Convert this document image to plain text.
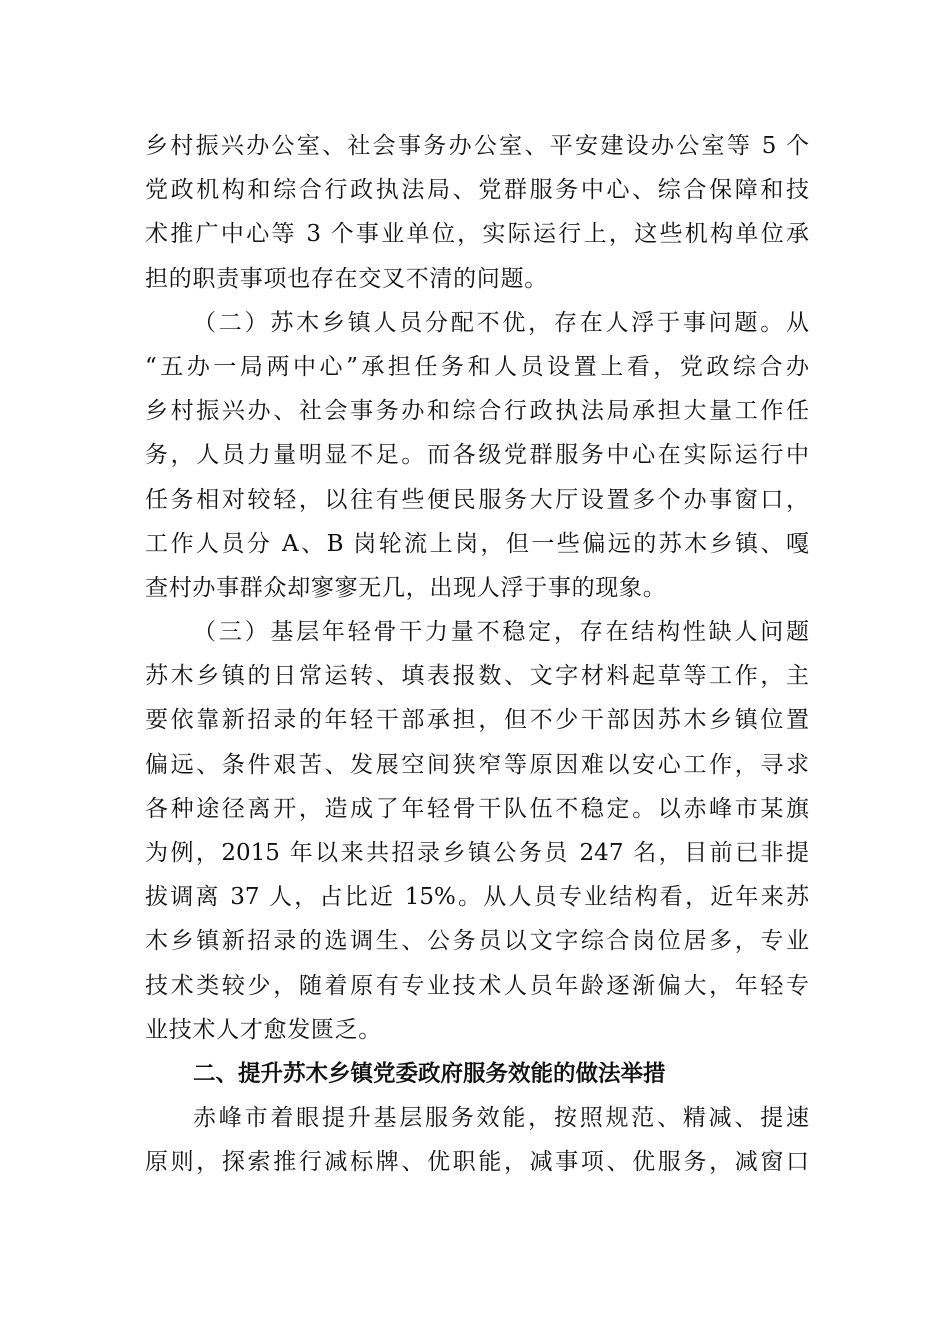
乡村振兴办公室、社会事务办公室、平安建设办公室等 5 个
党政机构和综合行政执法局、党群服务中心、综合保障和技
术推广中心等 3 个事业单位，实际运行上，这些机构单位承
担的职责事项也存在交叉不清的问题。
（二）苏木乡镇人员分配不优，存在人浮于事问题。从
“五办一局两中心”承担任务和人员设置上看，党政综合办
乡村振兴办、社会事务办和综合行政执法局承担大量工作任
务，人员力量明显不足。而各级党群服务中心在实际运行中
任务相对较轻，以往有些便民服务大厅设置多个办事窗口，
工作人员分 A、B 岗轮流上岗，但一些偏远的苏木乡镇、嘎
查村办事群众却寥寥无几，出现人浮于事的现象。
（三）基层年轻骨干力量不稳定，存在结构性缺人问题
苏木乡镇的日常运转、填表报数、文字材料起草等工作，主
要依靠新招录的年轻干部承担，但不少干部因苏木乡镇位置
偏远、条件艰苦、发展空间狭窄等原因难以安心工作，寻求
各种途径离开，造成了年轻骨干队伍不稳定。以赤峰市某旗
为例，2015 年以来共招录乡镇公务员 247 名，目前已非提
拔调离 37 人，占比近 15%。从人员专业结构看，近年来苏
木乡镇新招录的选调生、公务员以文字综合岗位居多，专业
技术类较少，随着原有专业技术人员年龄逐渐偏大，年轻专
业技术人才愈发匮乏。
二、提升苏木乡镇党委政府服务效能的做法举措
赤峰市着眼提升基层服务效能，按照规范、精减、提速
原则，探索推行减标牌、优职能，减事项、优服务，减窗口
